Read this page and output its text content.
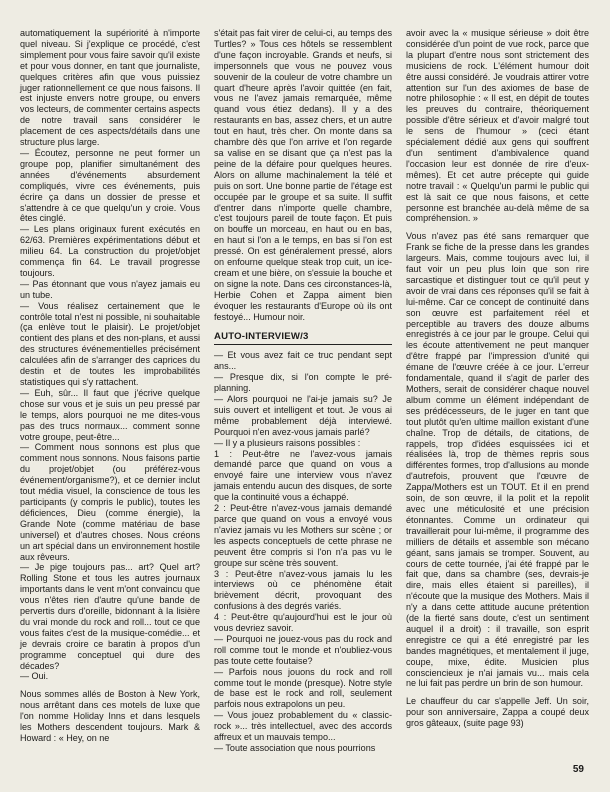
automatiquement la supériorité à n'importe quel niveau. Si j'explique ce procédé, c'est simplement pour vous faire savoir qu'il existe et pour vous donner, en tant que journaliste, quelques critères afin que vous puissiez juger rationnellement ce que nous faisons. Il est injuste envers notre groupe, ou envers vos lecteurs, de commenter certains aspects de notre travail sans considérer le placement de ces aspects/détails dans une structure plus large.

— Écoutez, personne ne peut former un groupe pop, planifier simultanément des années d'événements absurdement compliqués, vivre ces événements, puis écrire ça dans un dossier de presse et s'attendre à ce que quelqu'un y croie. Vous êtes cinglé.

— Les plans originaux furent exécutés en 62/63. Premières expérimentations début et milieu 64. La construction du projet/objet commença fin 64. Le travail progresse toujours.

— Pas étonnant que vous n'ayez jamais eu un tube.

— Vous réalisez certainement que le contrôle total n'est ni possible, ni souhaitable (ça enlève tout le plaisir). Le projet/objet contient des plans et des non-plans, et aussi des structures événementielles précisément calculées afin de s'arranger des caprices du destin et de toutes les improbabilités statistiques qui s'y rattachent.

— Euh, sûr... Il faut que j'écrive quelque chose sur vous et je suis un peu pressé par le temps, alors pourquoi ne me dites-vous pas des trucs normaux... comment sonne votre groupe, peut-être...

— Comment nous sonnons est plus que comment nous sonnons. Nous faisons partie du projet/objet (ou préférez-vous événement/organisme?), et ce dernier inclut tout média visuel, la conscience de tous les participants (y compris le public), toutes les déficiences, Dieu (comme énergie), la Grande Note (comme matériau de base universel) et d'autres choses. Nous créons un art spécial dans un environnement hostile aux rêveurs.

— Je pige toujours pas... art? Quel art? Rolling Stone et tous les autres journaux importants dans le vent m'ont convaincu que vous n'êtes rien d'autre qu'une bande de pervertis durs d'oreille, bidonnant à la lisière du vrai monde du rock and roll... tout ce que vous faites c'est de la musique-comédie... et je devrais croire ce baratin à propos d'un programme conceptuel qui dure des décades?

— Oui.

Nous sommes allés de Boston à New York, nous arrêtant dans ces motels de luxe que l'on nomme Holiday Inns et dans lesquels les Mothers descendent toujours. Mark & Howard : « Hey, on ne

s'était pas fait virer de celui-ci, au temps des Turtles? » Tous ces hôtels se ressemblent d'une façon incroyable. Grands et neufs, si impersonnels que vous ne pouvez vous souvenir de la couleur de votre chambre un quart d'heure après l'avoir quittée (en fait, vous ne l'avez jamais remarquée, même quand vous étiez dedans). Il y a des restaurants en bas, assez chers, et un autre tout en haut, très cher. On monte dans sa chambre dès que l'on arrive et l'on regarde sa valise en se disant que ça n'est pas la peine de la défaire pour quelques heures. Alors on allume machinalement la télé et puis on sort. Une bonne partie de l'étage est occupée par le groupe et sa suite. Il suffit d'entrer dans n'importe quelle chambre, c'est toujours pareil de toute façon. Et puis on bouffe un morceau, en haut ou en bas, en haut si l'on a le temps, en bas si l'on est pressé. On est généralement pressé, alors on enfourne quelque steak trop cuit, un ice-cream et une bière, on s'essuie la bouche et on signe la note. Dans ces circonstances-là, Herbie Cohen et Zappa aiment bien évoquer les restaurants d'Europe où ils ont festoyé... Humour noir.

AUTO-INTERVIEW/3

— Et vous avez fait ce truc pendant sept ans...

— Presque dix, si l'on compte le pré-planning.

— Alors pourquoi ne l'ai-je jamais su? Je suis ouvert et intelligent et tout. Je vous ai même probablement déjà interviewé. Pourquoi n'en avez-vous jamais parlé?

— Il y a plusieurs raisons possibles :

1 : Peut-être ne l'avez-vous jamais demandé parce que quand on vous a envoyé faire une interview vous n'avez jamais entendu aucun des disques, de sorte que la continuité vous a échappé.

2 : Peut-être n'avez-vous jamais demandé parce que quand on vous a envoyé vous n'aviez jamais vu les Mothers sur scène ; or les aspects conceptuels de cette phrase ne peuvent être compris si l'on n'a pas vu le groupe sur scène très souvent.

3 : Peut-être n'avez-vous jamais lu les interviews où ce phénomène était brièvement décrit, provoquant des confusions à des degrés variés.

4 : Peut-être qu'aujourd'hui est le jour où vous devriez savoir.

— Pourquoi ne jouez-vous pas du rock and roll comme tout le monde et n'oubliez-vous pas toute cette foutaise?

— Parfois nous jouons du rock and roll comme tout le monde (presque). Notre style de base est le rock and roll, seulement parfois nous extrapolons un peu.

— Vous jouez probablement du « classic-rock »... très intellectuel, avec des accords affreux et un mauvais tempo...

— Toute association que nous pourrions

avoir avec la « musique sérieuse » doit être considérée d'un point de vue rock, parce que la plupart d'entre nous sont strictement des musiciens de rock. L'élément humour doit être aussi considéré. Je voudrais attirer votre attention sur l'un des axiomes de base de notre philosophie : « Il est, en dépit de toutes les preuves du contraire, théoriquement possible d'être sérieux et d'avoir malgré tout le sens de l'humour » (ceci étant spécialement dédié aux gens qui souffrent d'un sentiment d'ambivalence quand l'occasion leur est donnée de rire d'eux-mêmes). Et cet autre précepte qui guide notre travail : « Quelqu'un parmi le public qui est là sait ce que nous faisons, et cette personne est branchée au-delà même de sa compréhension. »

Vous n'avez pas été sans remarquer que Frank se fiche de la presse dans les grandes largeurs. Mais, comme toujours avec lui, il faut voir un peu plus loin que son rire sarcastique et distinguer tout ce qu'il peut y avoir de vrai dans ces réponses qu'il se fait à lui-même. Car ce concept de continuité dans son œuvre est parfaitement réel et perceptible au travers des douze albums enregistrés à ce jour par le groupe. Celui qui les écoute attentivement ne peut manquer d'être frappé par l'impression d'unité qui émane de l'œuvre créée à ce jour. L'erreur fondamentale, quand il s'agit de parler des Mothers, serait de considérer chaque nouvel album comme un élément indépendant de ses prédécesseurs, de le juger en tant que tout plutôt qu'en ultime maillon existant d'une chaîne. Trop de détails, de citations, de rappels, trop d'idées esquissées ici et réalisées là, trop de thèmes repris sous différentes formes, trop d'allusions au monde d'autrefois, prouvent que l'œuvre de Zappa/Mothers est un TOUT. Et il en prend soin, de son œuvre, il la polit et la repolit avec une méticulosité et une précision étonnantes. Comme un ordinateur qui travaillerait pour lui-même, il programme des milliers de détails et assemble son mécano géant, sans jamais se tromper. Souvent, au cours de cette tournée, j'ai été frappé par le fait que, dans sa chambre (ses, devrais-je dire, mais elles étaient si pareilles), il n'écoute que la musique des Mothers. Mais il n'y a dans cette attitude aucune prétention (de la fierté sans doute, c'est un sentiment auquel il a droit) : il travaille, son esprit enregistre ce qui a été enregistré par les bandes magnétiques, et mentalement il juge, coupe, mixe, édite. Musicien plus consciencieux je n'ai jamais vu... mais cela ne lui fait pas perdre un brin de son humour.

Le chauffeur du car s'appelle Jeff. Un soir, pour son anniversaire, Zappa a coupé deux gros gâteaux, (suite page 93)

59
